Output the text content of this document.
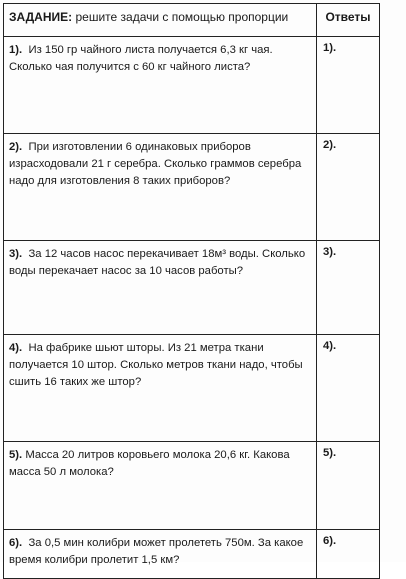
ЗАДАНИЕ: решите задачи с помощью пропорции	Ответы
1). Из 150 гр чайного листа получается 6,3 кг чая. Сколько чая получится с 60 кг чайного листа?	1).
2). При изготовлении 6 одинаковых приборов израсходовали 21 г серебра. Сколько граммов серебра надо для изготовления 8 таких приборов?	2).
3). За 12 часов насос перекачивает 18м³ воды. Сколько воды перекачает насос за 10 часов работы?	3).
4). На фабрике шьют шторы. Из 21 метра ткани получается 10 штор. Сколько метров ткани надо, чтобы сшить 16 таких же штор?	4).
5). Масса 20 литров коровьего молока 20,6 кг. Какова масса 50 л молока?	5).
6). За 0,5 мин колибри может пролететь 750м. За какое время колибри пролетит 1,5 км?	6).
